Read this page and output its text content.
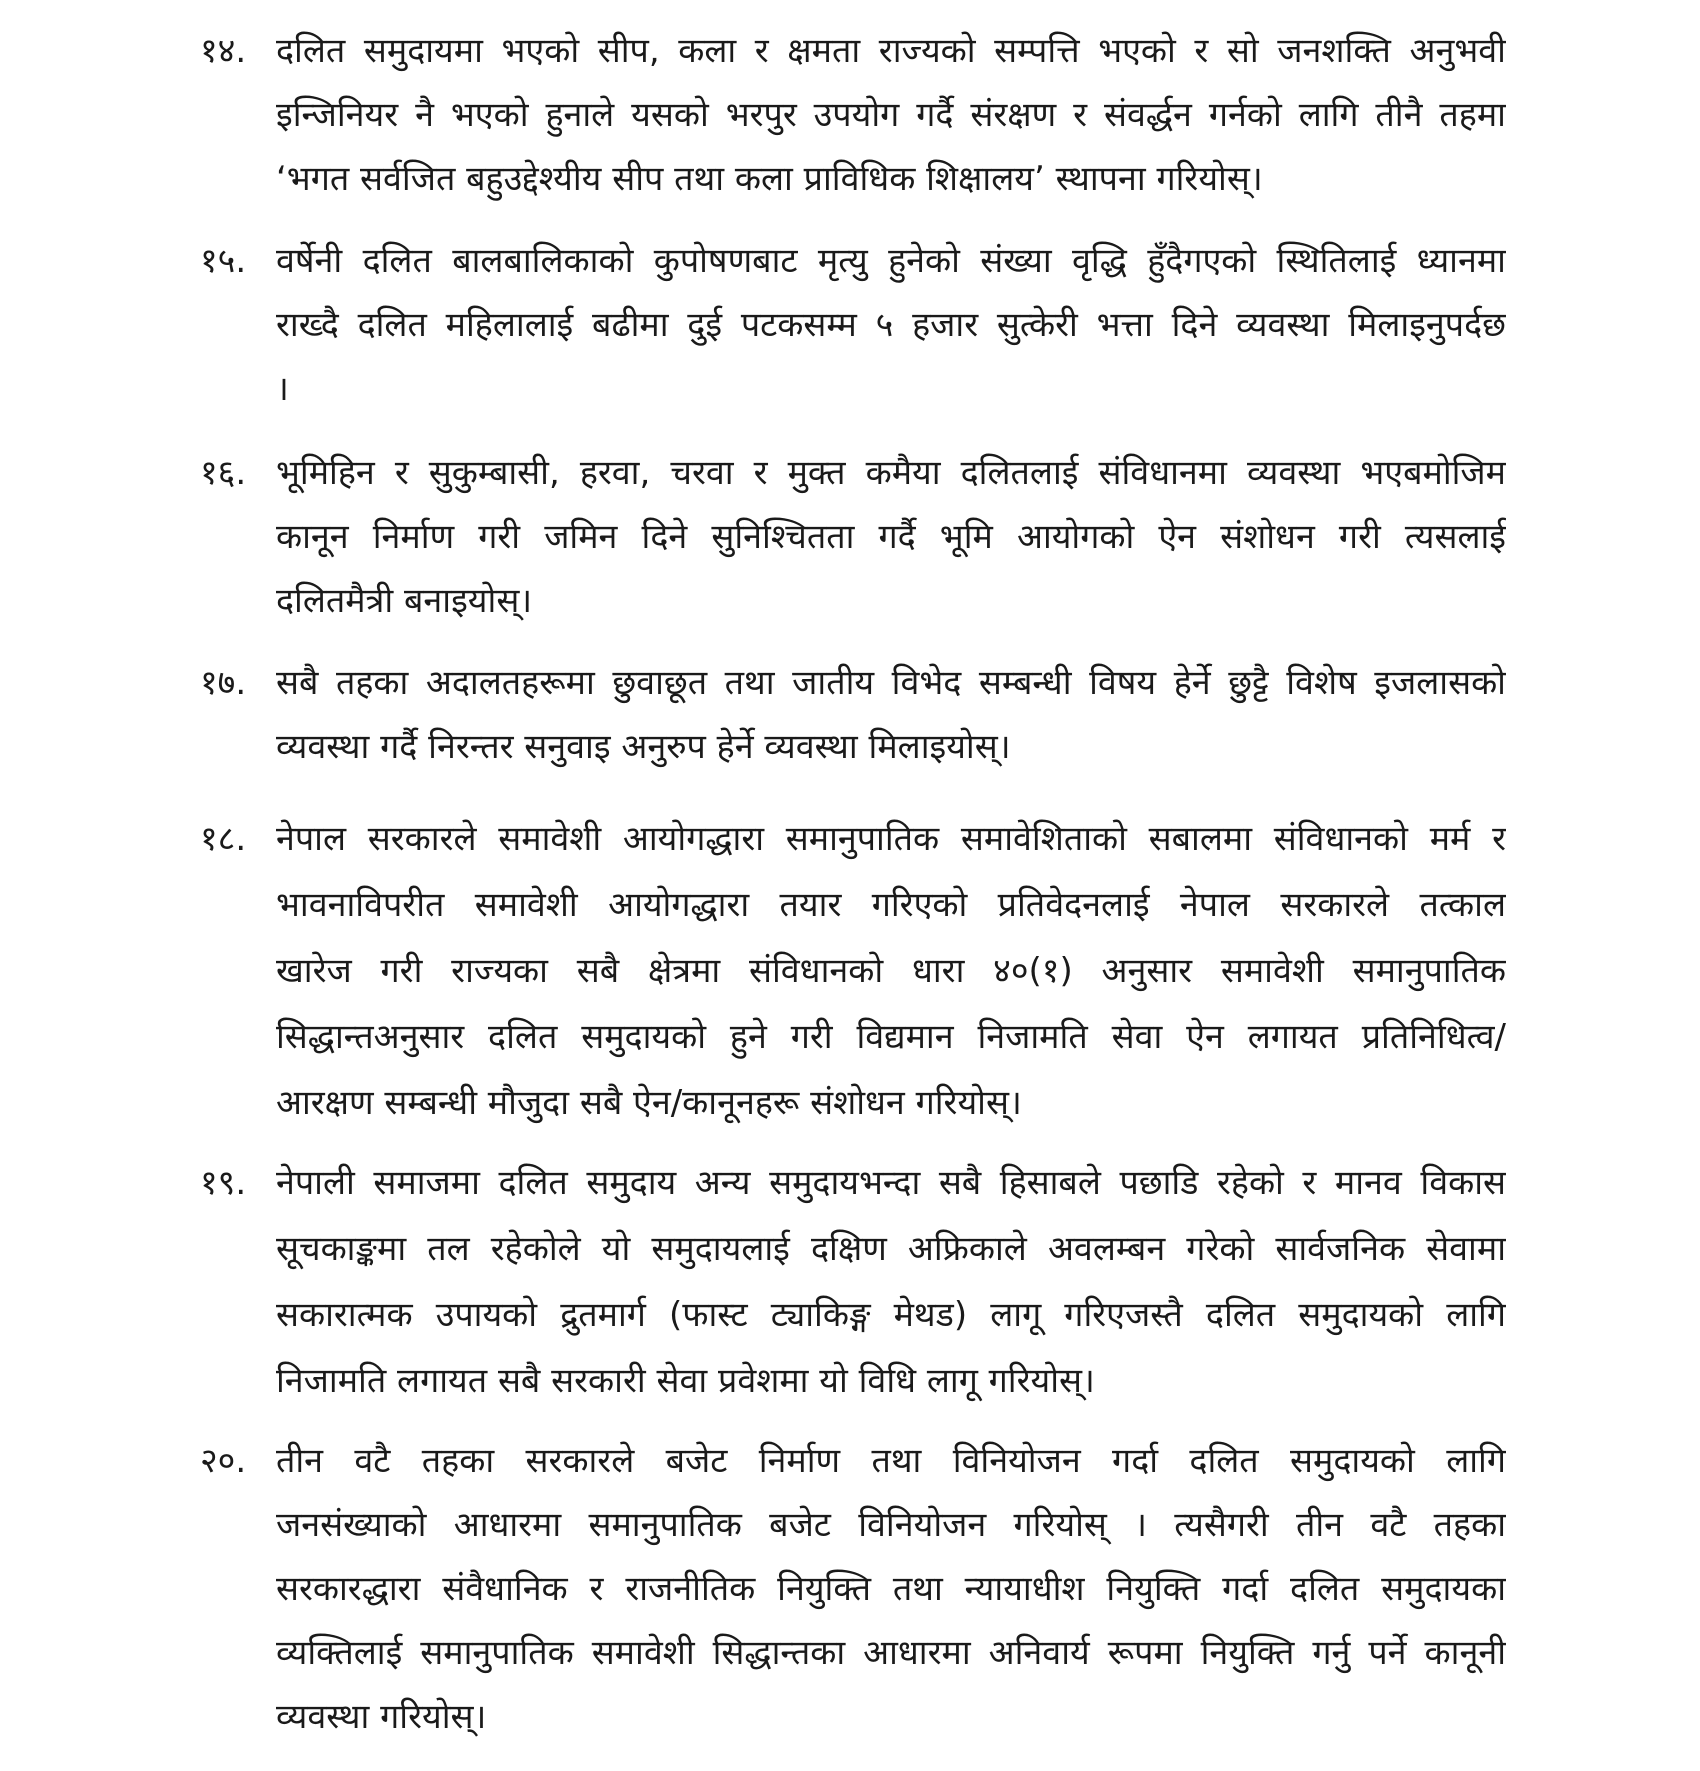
१४. दलित समुदायमा भएको सीप, कला र क्षमता राज्यको सम्पत्ति भएको र सो जनशक्ति अनुभवी
इन्जिनियर नै भएको हुनाले यसको भरपुर उपयोग गर्दै संरक्षण र संवर्द्धन गर्नको लागि तीनै तहमा
‘भगत सर्वजित बहुउद्देश्यीय सीप तथा कला प्राविधिक शिक्षालय’ स्थापना गरियोस्।
१५. वर्षेनी दलित बालबालिकाको कुपोषणबाट मृत्यु हुनेको संख्या वृद्धि हुँदैगएको स्थितिलाई ध्यानमा
राख्दै दलित महिलालाई बढीमा दुई पटकसम्म ५ हजार सुत्केरी भत्ता दिने व्यवस्था मिलाइनुपर्दछ
।
१६. भूमिहिन र सुकुम्बासी, हरवा, चरवा र मुक्त कमैया दलितलाई संविधानमा व्यवस्था भएबमोजिम
कानून निर्माण गरी जमिन दिने सुनिश्चितता गर्दै भूमि आयोगको ऐन संशोधन गरी त्यसलाई
दलितमैत्री बनाइयोस्।
१७. सबै तहका अदालतहरूमा छुवाछूत तथा जातीय विभेद सम्बन्धी विषय हेर्ने छुट्टै विशेष इजलासको
व्यवस्था गर्दै निरन्तर सनुवाइ अनुरुप हेर्ने व्यवस्था मिलाइयोस्।
१८. नेपाल सरकारले समावेशी आयोगद्धारा समानुपातिक समावेशिताको सबालमा संविधानको मर्म र
भावनाविपरीत समावेशी आयोगद्धारा तयार गरिएको प्रतिवेदनलाई नेपाल सरकारले तत्काल
खारेज गरी राज्यका सबै क्षेत्रमा संविधानको धारा ४०(१) अनुसार समावेशी समानुपातिक
सिद्धान्तअनुसार दलित समुदायको हुने गरी विद्यमान निजामति सेवा ऐन लगायत प्रतिनिधित्व/
आरक्षण सम्बन्धी मौजुदा सबै ऐन/कानूनहरू संशोधन गरियोस्।
१९. नेपाली समाजमा दलित समुदाय अन्य समुदायभन्दा सबै हिसाबले पछाडि रहेको र मानव विकास
सूचकाङ्कमा तल रहेकोले यो समुदायलाई दक्षिण अफ्रिकाले अवलम्बन गरेको सार्वजनिक सेवामा
सकारात्मक उपायको द्रुतमार्ग (फास्ट ट्याकिङ्ग मेथड) लागू गरिएजस्तै दलित समुदायको लागि
निजामति लगायत सबै सरकारी सेवा प्रवेशमा यो विधि लागू गरियोस्।
२०. तीन वटै तहका सरकारले बजेट निर्माण तथा विनियोजन गर्दा दलित समुदायको लागि
जनसंख्याको आधारमा समानुपातिक बजेट विनियोजन गरियोस् । त्यसैगरी तीन वटै तहका
सरकारद्धारा संवैधानिक र राजनीतिक नियुक्ति तथा न्यायाधीश नियुक्ति गर्दा दलित समुदायका
व्यक्तिलाई समानुपातिक समावेशी सिद्धान्तका आधारमा अनिवार्य रूपमा नियुक्ति गर्नु पर्ने कानूनी
व्यवस्था गरियोस्।
